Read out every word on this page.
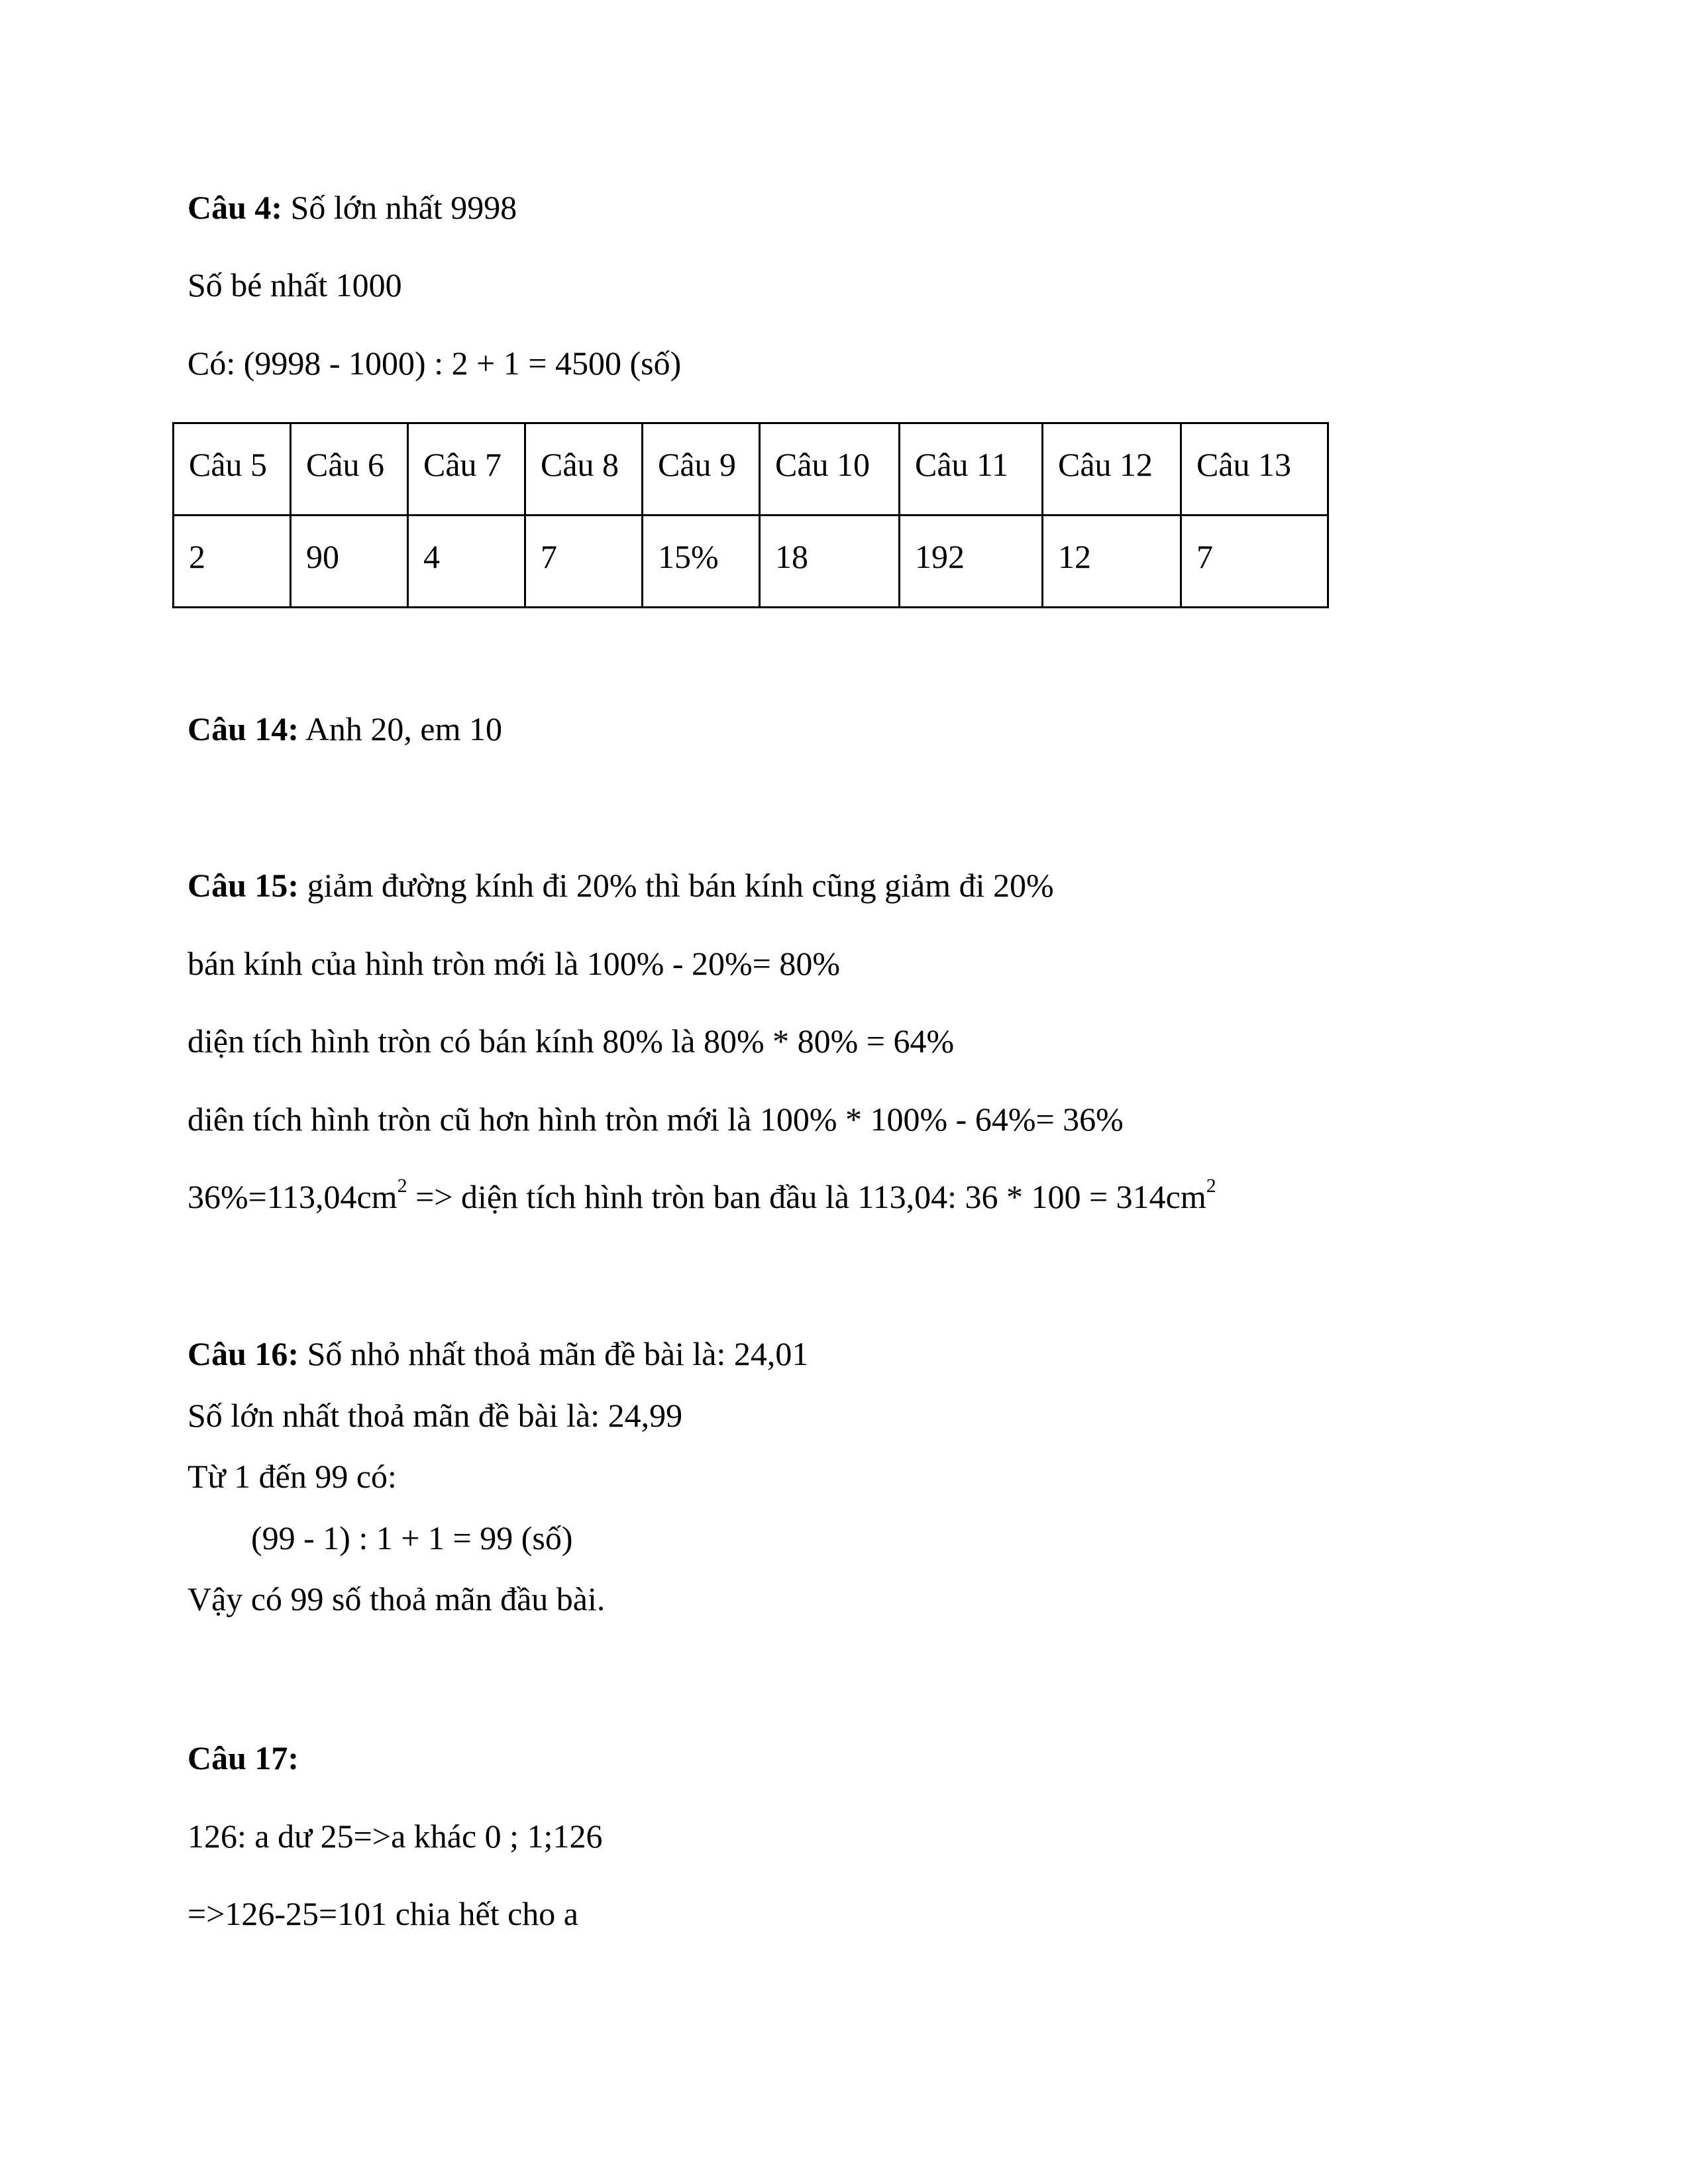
Câu 4: Số lớn nhất 9998
Số bé nhất 1000
Có: (9998 - 1000) : 2 + 1 = 4500 (số)
Câu 5	Câu 6	Câu 7	Câu 8	Câu 9	Câu 10	Câu 11	Câu 12	Câu 13

2	90	4	7	15%	18	192	12	7
Câu 14: Anh 20, em 10
Câu 15: giảm đường kính đi 20% thì bán kính cũng giảm đi 20%
bán kính của hình tròn mới là 100% - 20%= 80%
diện tích hình tròn có bán kính 80% là 80% * 80% = 64%
diên tích hình tròn cũ hơn hình tròn mới là 100% * 100% - 64%= 36%
$36\%=113,04cm^2$ => diện tích hình tròn ban đầu là 113,04: $36 * 100 = 314cm^2$
Câu 16: Số nhỏ nhất thoả mãn đề bài là: 24,01
Số lớn nhất thoả mãn đề bài là: 24,99
Từ 1 đến 99 có:
(99 - 1) : 1 + 1 = 99 (số)
Vậy có 99 số thoả mãn đầu bài.
Câu 17:
126: a dư 25=>a khác 0 ; 1;126
=>126-25=101 chia hết cho a
